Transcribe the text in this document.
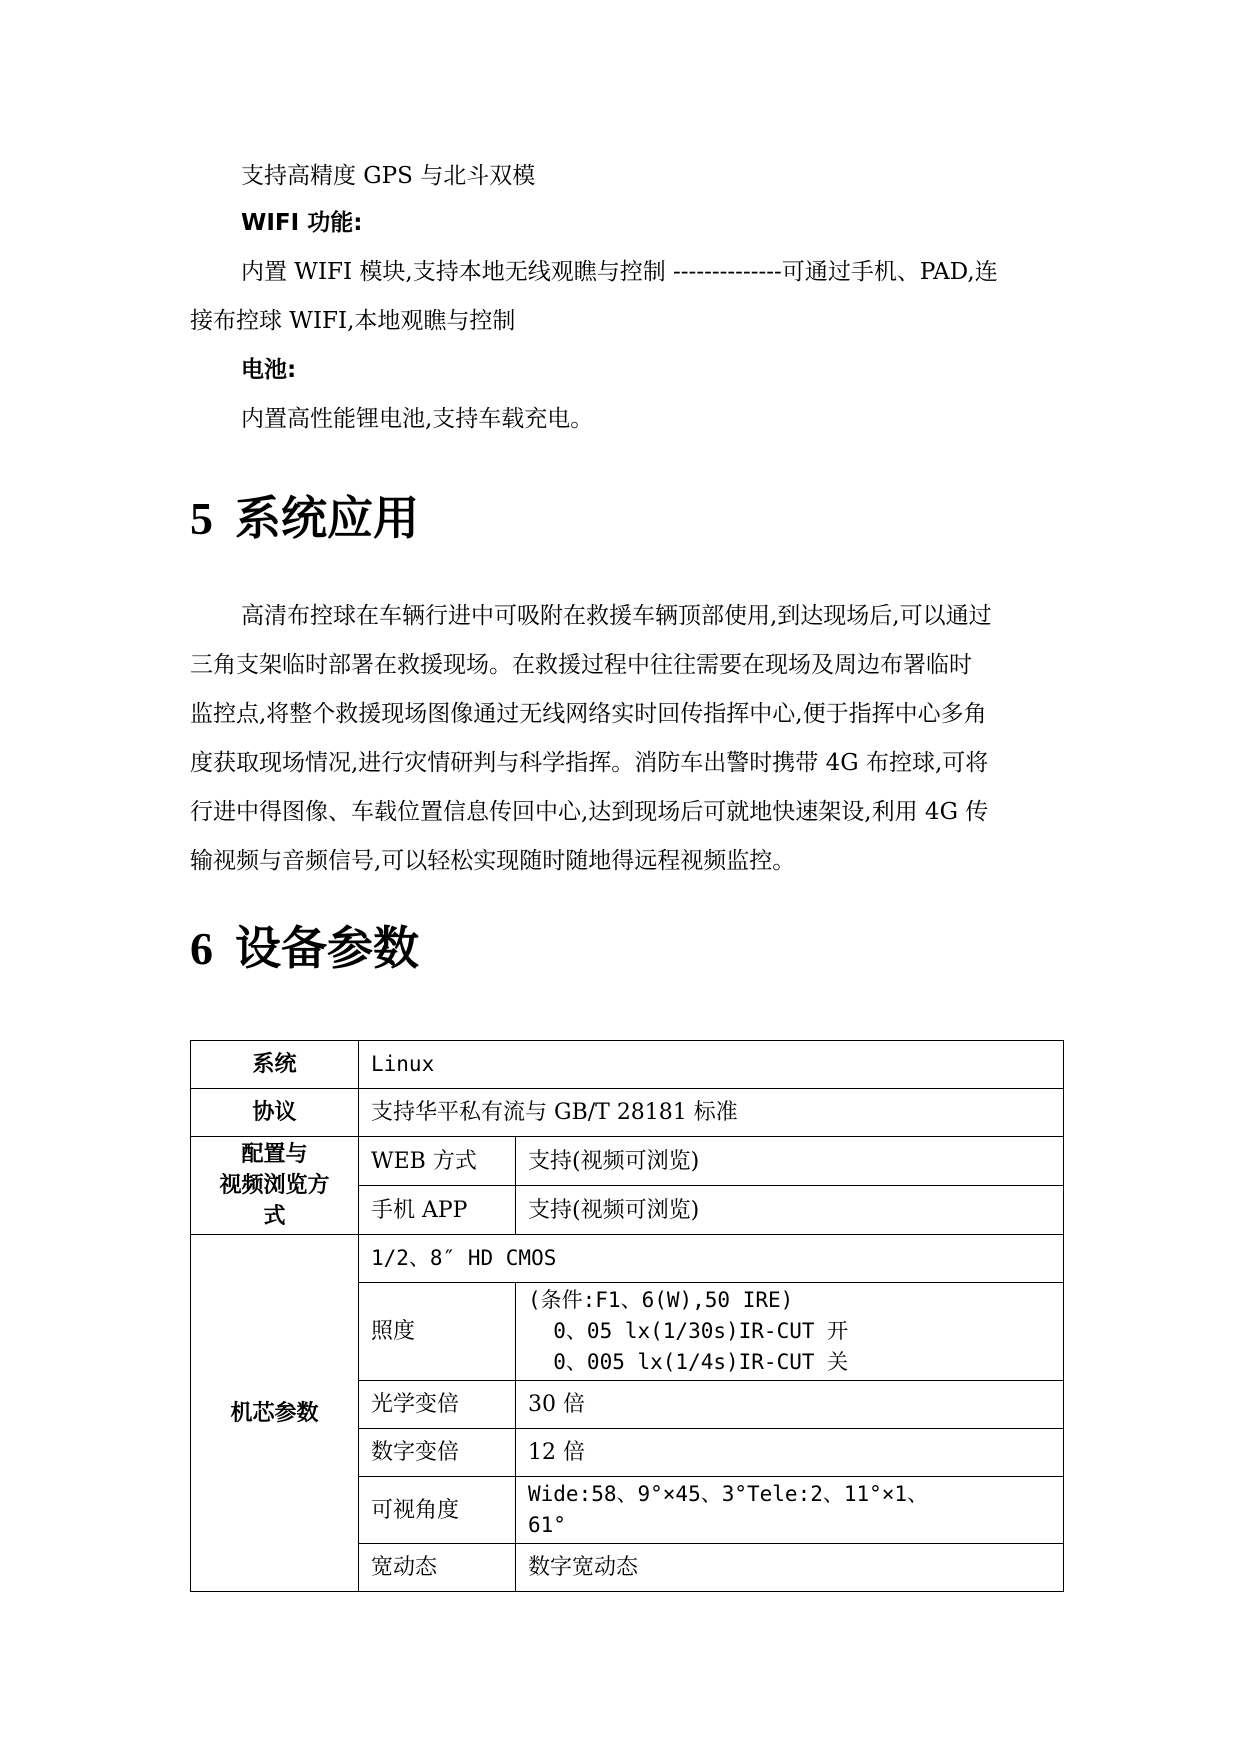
支持高精度 GPS 与北斗双模
WIFI 功能:
内置 WIFI 模块,支持本地无线观瞧与控制 --------------可通过手机、PAD,连
接布控球 WIFI,本地观瞧与控制
电池:
内置高性能锂电池,支持车载充电。
5 系统应用
高清布控球在车辆行进中可吸附在救援车辆顶部使用,到达现场后,可以通过
三角支架临时部署在救援现场。在救援过程中往往需要在现场及周边布署临时
监控点,将整个救援现场图像通过无线网络实时回传指挥中心,便于指挥中心多角
度获取现场情况,进行灾情研判与科学指挥。消防车出警时携带 4G 布控球,可将
行进中得图像、车载位置信息传回中心,达到现场后可就地快速架设,利用 4G 传
输视频与音频信号,可以轻松实现随时随地得远程视频监控。
6 设备参数
系统	Linux	
协议	支持华平私有流与 GB/T 28181 标准	

配置与
视频浏览方
式	WEB 方式	支持(视频可浏览)
	手机 APP	支持(视频可浏览)
机芯参数	1/2、8″ HD CMOS	
	照度	(条件:F1、6(W),50 IRE)
0、05 lx(1/30s)IR-CUT 开
0、005 lx(1/4s)IR-CUT 关

	光学变倍	30 倍
	数字变倍	12 倍
	可视角度	Wide:58、9°×45、3°Tele:2、11°×1、
61°

	宽动态	数字宽动态
